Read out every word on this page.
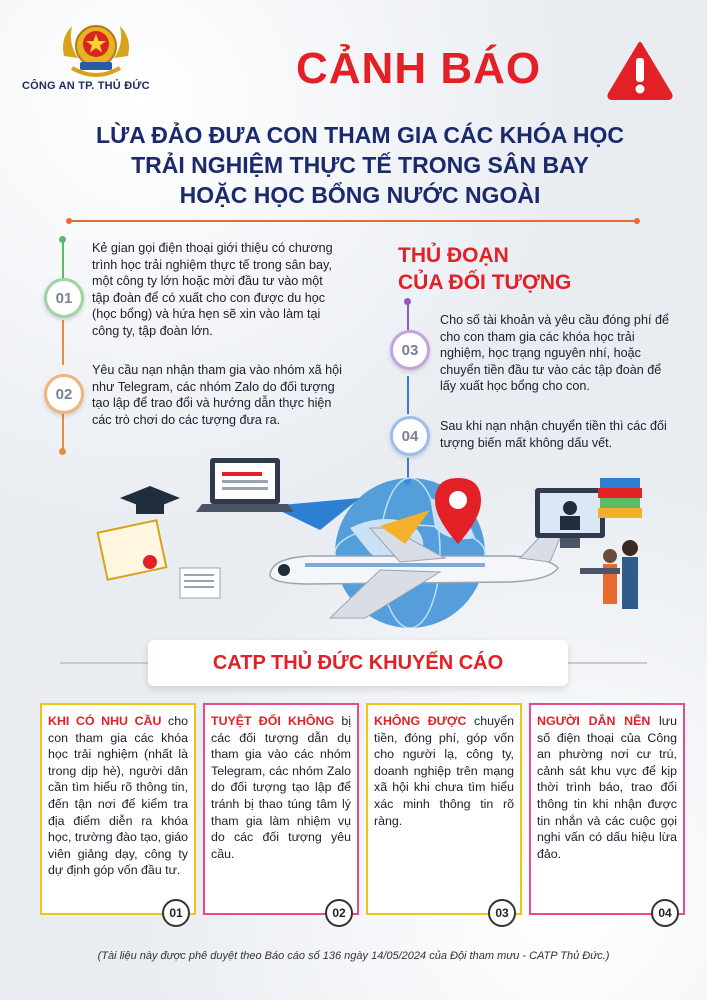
CÔNG AN TP. THỦ ĐỨC	CẢNH BÁO
LỪA ĐẢO ĐƯA CON THAM GIA CÁC KHÓA HỌC
TRẢI NGHIỆM THỰC TẾ TRONG SÂN BAY
HOẶC HỌC BỔNG NƯỚC NGOÀI
01
Kẻ gian gọi điện thoại giới thiệu có chương trình học trải nghiệm thực tế trong sân bay, một công ty lớn hoặc mời đầu tư vào một tập đoàn để có xuất cho con được du học (học bổng) và hứa hẹn sẽ xin vào làm tại công ty, tập đoàn lớn.
02
Yêu cầu nạn nhận tham gia vào nhóm xã hội như Telegram, các nhóm Zalo do đối tượng tạo lập để trao đổi và hướng dẫn thực hiện các trò chơi do các tượng đưa ra.
THỦ ĐOẠN
CỦA ĐỐI TƯỢNG
03
Cho số tài khoản và yêu cầu đóng phí để cho con tham gia các khóa học trải nghiệm, học trạng nguyên nhí, hoặc chuyển tiền đầu tư vào các tập đoàn để lấy xuất học bổng cho con.
04
Sau khi nạn nhận chuyển tiền thì các đối tượng biến mất không dấu vết.
CATP THỦ ĐỨC KHUYẾN CÁO
KHI CÓ NHU CẦU cho con tham gia các khóa học trải nghiệm (nhất là trong dịp hè), người dân cần tìm hiểu rõ thông tin, đến tận nơi để kiểm tra địa điểm diễn ra khóa học, trường đào tạo, giáo viên giảng dạy, công ty dự định góp vốn đầu tư.
01
TUYỆT ĐỐI KHÔNG bị các đối tượng dẫn dụ tham gia vào các nhóm Telegram, các nhóm Zalo do đối tượng tạo lập để tránh bị thao túng tâm lý tham gia làm nhiệm vụ do các đối tượng yêu cầu.
02
KHÔNG ĐƯỢC chuyển tiền, đóng phí, góp vốn cho người lạ, công ty, doanh nghiệp trên mạng xã hội khi chưa tìm hiểu xác minh thông tin rõ ràng.
03
NGƯỜI DÂN NÊN lưu số điện thoại của Công an phường nơi cư trú, cảnh sát khu vực để kịp thời trình báo, trao đổi thông tin khi nhận được tin nhắn và các cuộc gọi nghi vấn có dấu hiệu lừa đảo.
04
(Tài liệu này được phê duyệt theo Báo cáo số 136 ngày 14/05/2024 của Đội tham mưu - CATP Thủ Đức.)
